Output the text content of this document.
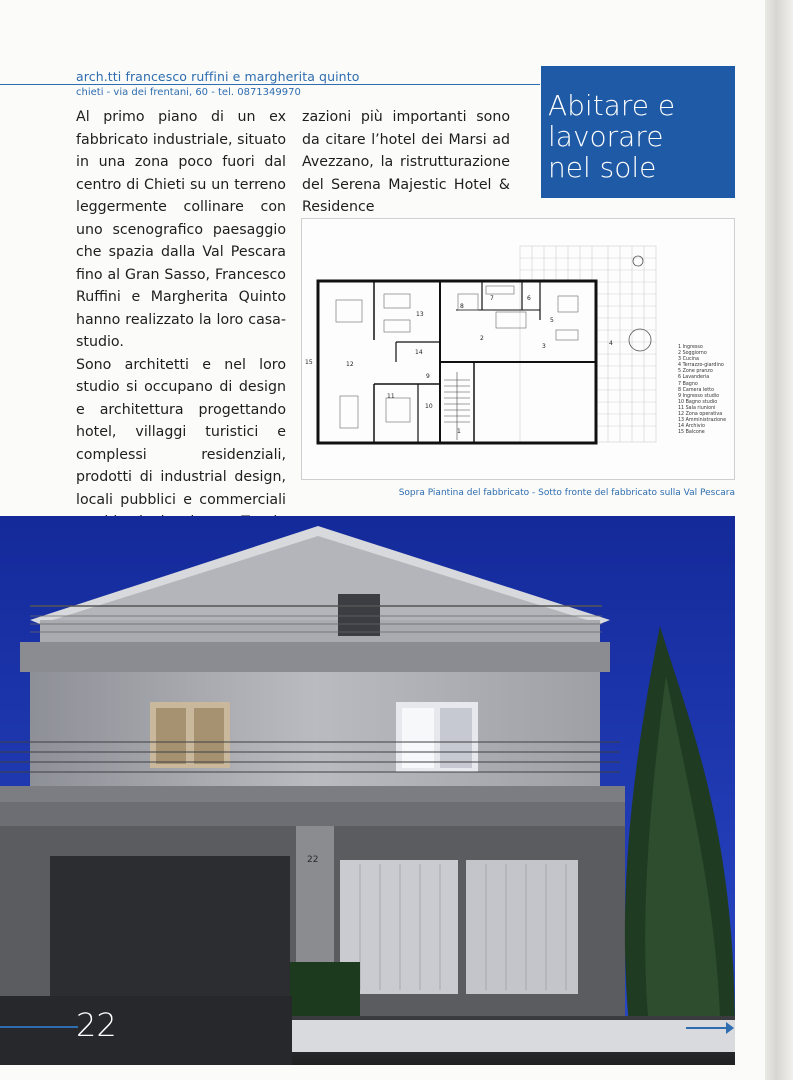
arch.tti francesco ruffini e margherita quinto
chieti - via dei frentani, 60 - tel. 0871349970	Abitare e
lavorare
nel sole

Al primo piano di un ex fabbricato industriale, situato in una zona poco fuori dal centro di Chieti su un terreno leggermente collinare con uno scenografico paesaggio che spazia dalla Val Pescara fino al Gran Sasso, Francesco Ruffini e Margherita Quinto hanno realizzato la loro casa-studio.

Sono architetti e nel loro studio si occupano di design e architettura progettando hotel, villaggi turistici e complessi residenziali, prodotti di industrial design, locali pubblici e commerciali

zazioni più importanti sono da citare l’hotel dei Marsi ad Avezzano, la ristrutturazione del Serena Majestic Hotel & Residence

1
2
3	4
5
6
7
8
9
10
11
12
13
14
15
1 Ingresso
2 Soggiorno
3 Cucina
4 Terrazzo-giardino
5 Zone pranzo
6 Lavanderia
7 Bagno
8 Camera letto
9 Ingresso studio
10 Bagno studio
11 Sala riunioni
12 Zona operativa
13 Amministrazione
14 Archivio
15 Balcone
Sopra Piantina del fabbricato - Sotto fronte del fabbricato sulla Val Pescara
22
22
